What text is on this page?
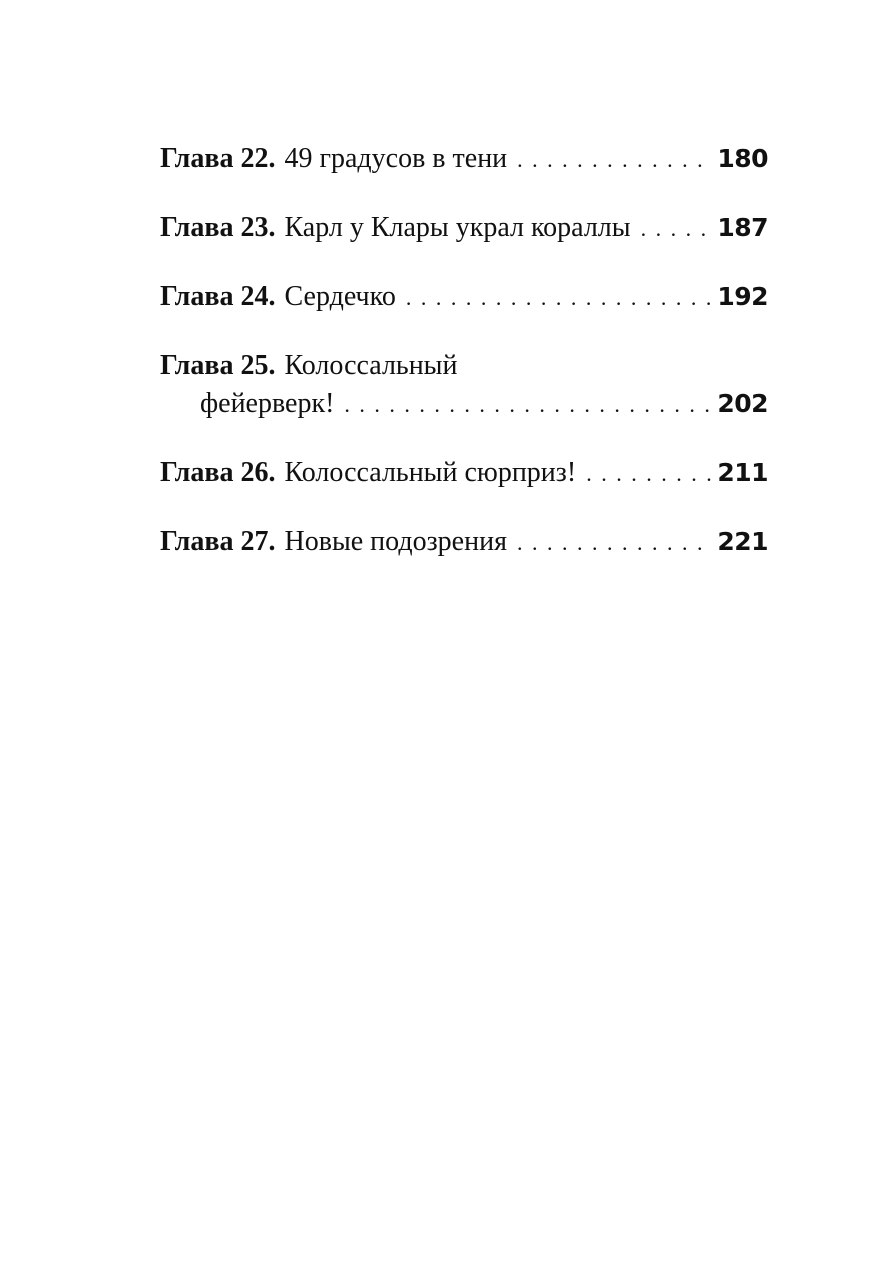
Глава 22. 49 градусов в тени . . .	180
Глава 23. Карл у Клары украл кораллы . . .	187
Глава 24. Сердечко . . .	192
Глава 25. Колоссальный
фейерверк! . . .	202
Глава 26. Колоссальный сюрприз! . . .	211
Глава 27. Новые подозрения . . .	221
